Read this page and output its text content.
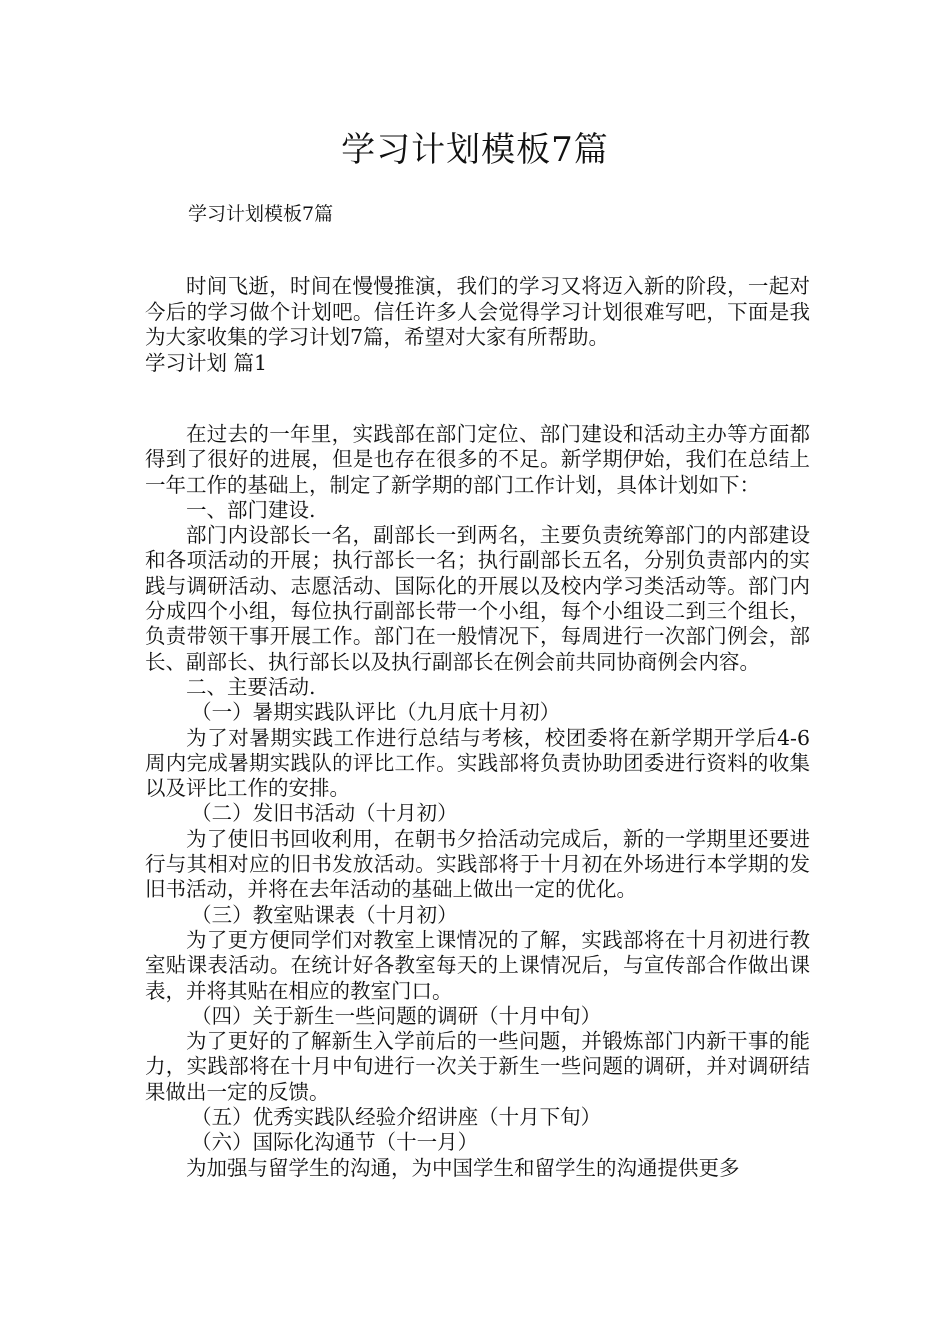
学习计划模板7篇

学习计划模板7篇

时间飞逝，时间在慢慢推演，我们的学习又将迈入新的阶段，一起对今后的学习做个计划吧。信任许多人会觉得学习计划很难写吧，下面是我为大家收集的学习计划7篇，希望对大家有所帮助。

学习计划 篇1

在过去的一年里，实践部在部门定位、部门建设和活动主办等方面都得到了很好的进展，但是也存在很多的不足。新学期伊始，我们在总结上一年工作的基础上，制定了新学期的部门工作计划，具体计划如下：

一、部门建设.

部门内设部长一名，副部长一到两名，主要负责统筹部门的内部建设和各项活动的开展；执行部长一名；执行副部长五名，分别负责部内的实践与调研活动、志愿活动、国际化的开展以及校内学习类活动等。部门内分成四个小组，每位执行副部长带一个小组，每个小组设二到三个组长，负责带领干事开展工作。部门在一般情况下，每周进行一次部门例会，部长、副部长、执行部长以及执行副部长在例会前共同协商例会内容。

二、主要活动.

（一）暑期实践队评比（九月底十月初）

为了对暑期实践工作进行总结与考核，校团委将在新学期开学后4-6周内完成暑期实践队的评比工作。实践部将负责协助团委进行资料的收集以及评比工作的安排。

（二）发旧书活动（十月初）

为了使旧书回收利用，在朝书夕拾活动完成后，新的一学期里还要进行与其相对应的旧书发放活动。实践部将于十月初在外场进行本学期的发旧书活动，并将在去年活动的基础上做出一定的优化。

（三）教室贴课表（十月初）

为了更方便同学们对教室上课情况的了解，实践部将在十月初进行教室贴课表活动。在统计好各教室每天的上课情况后，与宣传部合作做出课表，并将其贴在相应的教室门口。

（四）关于新生一些问题的调研（十月中旬）

为了更好的了解新生入学前后的一些问题，并锻炼部门内新干事的能力，实践部将在十月中旬进行一次关于新生一些问题的调研，并对调研结果做出一定的反馈。

（五）优秀实践队经验介绍讲座（十月下旬）

（六）国际化沟通节（十一月）

为加强与留学生的沟通，为中国学生和留学生的沟通提供更多
